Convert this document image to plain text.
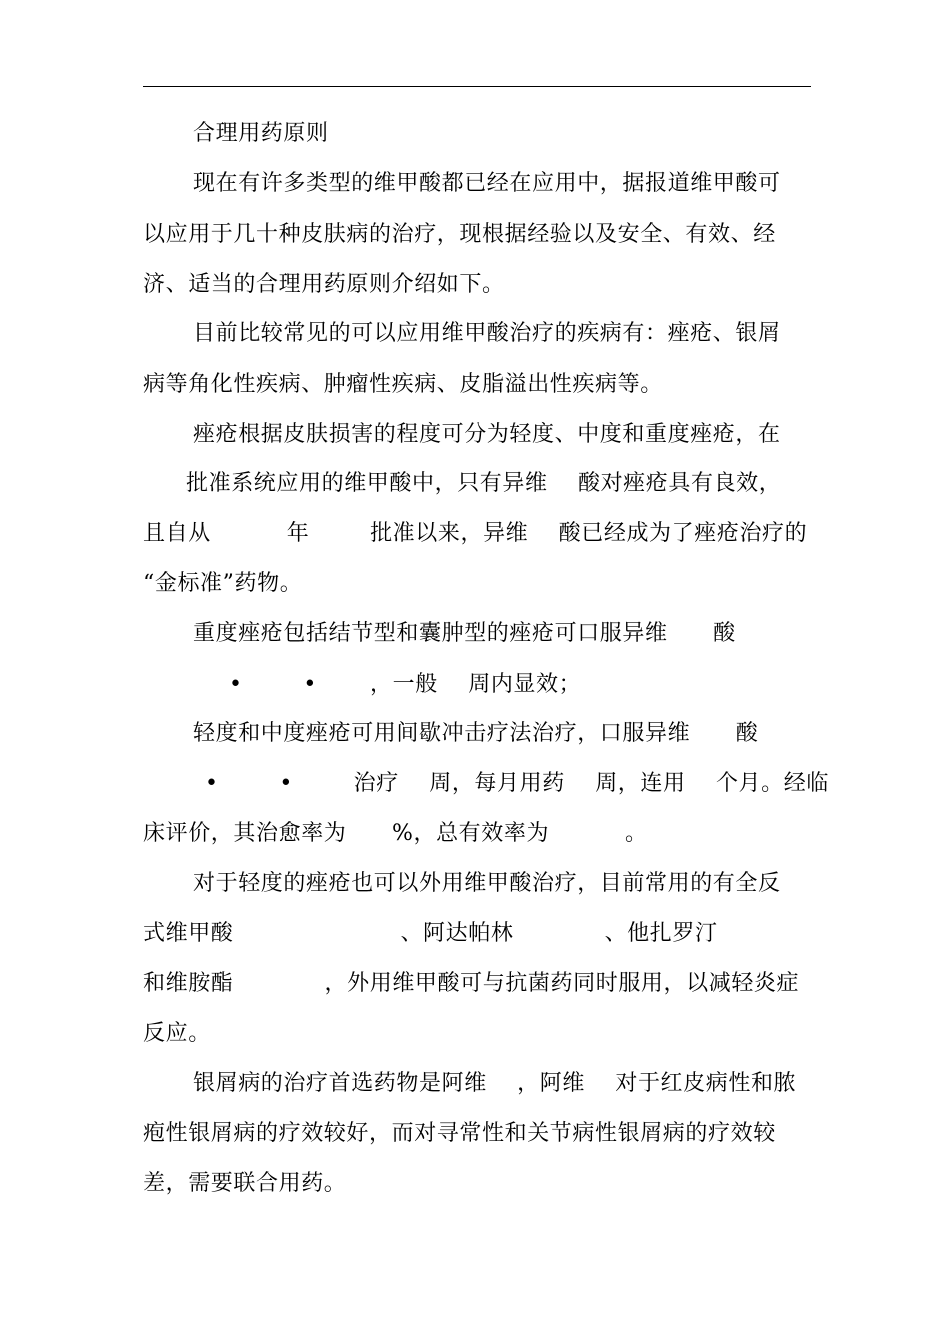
合理用药原则
现在有许多类型的维甲酸都已经在应用中，据报道维甲酸可
以应用于几十种皮肤病的治疗，现根据经验以及安全、有效、经
济、适当的合理用药原则介绍如下。
目前比较常见的可以应用维甲酸治疗的疾病有：痤疮、银屑
病等角化性疾病、肿瘤性疾病、皮脂溢出性疾病等。
痤疮根据皮肤损害的程度可分为轻度、中度和重度痤疮，在
批准系统应用的维甲酸中，只有异维    酸对痤疮具有良效，
且自从          年        批准以来，异维    酸已经成为了痤疮治疗的
“金标准”药物。
重度痤疮包括结节型和囊肿型的痤疮可口服异维      酸
•        •       ，一般    周内显效；
轻度和中度痤疮可用间歇冲击疗法治疗，口服异维      酸
•        •        治疗    周，每月用药    周，连用    个月。经临
床评价，其治愈率为      %，总有效率为          。
对于轻度的痤疮也可以外用维甲酸治疗，目前常用的有全反
式维甲酸                      、阿达帕林            、他扎罗汀
和维胺酯            ，外用维甲酸可与抗菌药同时服用，以减轻炎症
反应。
银屑病的治疗首选药物是阿维    ，阿维    对于红皮病性和脓
疱性银屑病的疗效较好，而对寻常性和关节病性银屑病的疗效较
差，需要联合用药。
